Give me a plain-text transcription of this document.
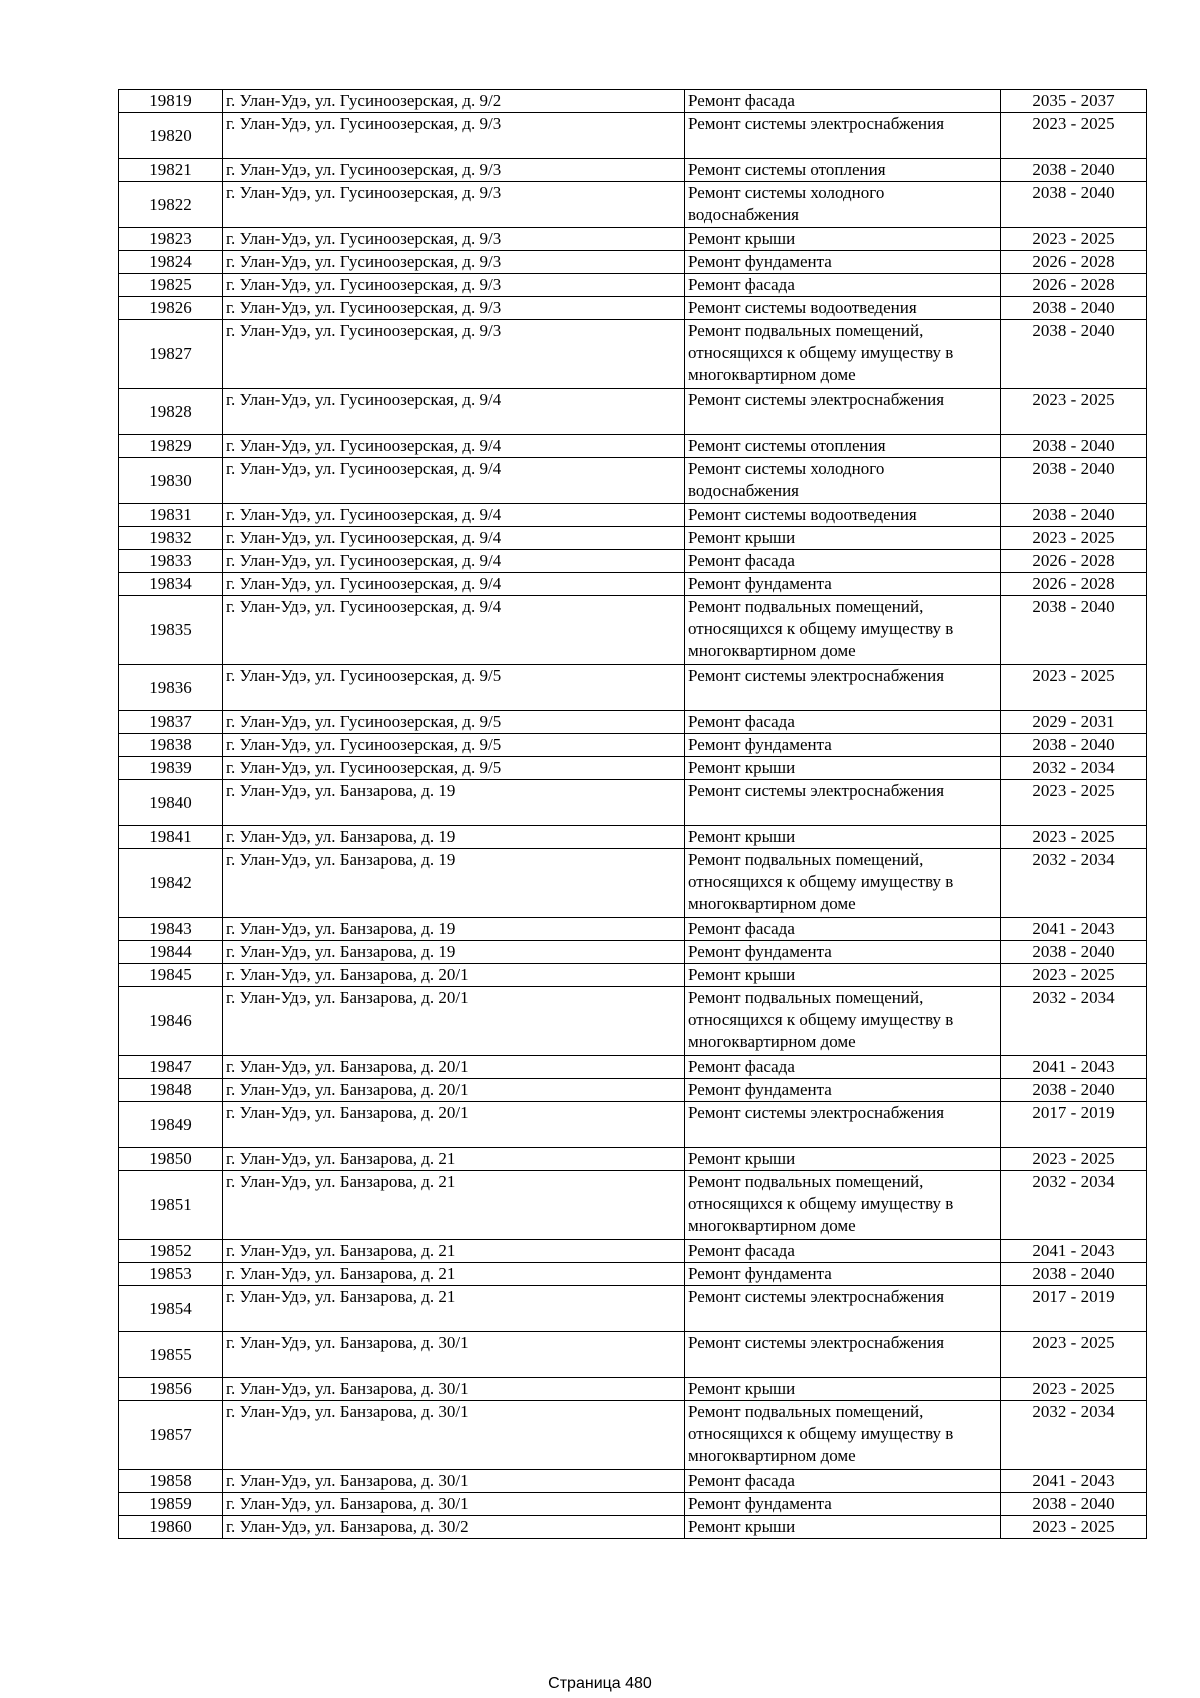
19819	г. Улан-Удэ, ул. Гусиноозерская, д. 9/2	Ремонт фасада	2035 - 2037
19820	г. Улан-Удэ, ул. Гусиноозерская, д. 9/3	Ремонт системы электроснабжения	2023 - 2025
19821	г. Улан-Удэ, ул. Гусиноозерская, д. 9/3	Ремонт системы отопления	2038 - 2040
19822	г. Улан-Удэ, ул. Гусиноозерская, д. 9/3	Ремонт системы холодного водоснабжения	2038 - 2040
19823	г. Улан-Удэ, ул. Гусиноозерская, д. 9/3	Ремонт крыши	2023 - 2025
19824	г. Улан-Удэ, ул. Гусиноозерская, д. 9/3	Ремонт фундамента	2026 - 2028
19825	г. Улан-Удэ, ул. Гусиноозерская, д. 9/3	Ремонт фасада	2026 - 2028
19826	г. Улан-Удэ, ул. Гусиноозерская, д. 9/3	Ремонт системы водоотведения	2038 - 2040
19827	г. Улан-Удэ, ул. Гусиноозерская, д. 9/3	Ремонт подвальных помещений, относящихся к общему имуществу в многоквартирном доме	2038 - 2040
19828	г. Улан-Удэ, ул. Гусиноозерская, д. 9/4	Ремонт системы электроснабжения	2023 - 2025
19829	г. Улан-Удэ, ул. Гусиноозерская, д. 9/4	Ремонт системы отопления	2038 - 2040
19830	г. Улан-Удэ, ул. Гусиноозерская, д. 9/4	Ремонт системы холодного водоснабжения	2038 - 2040
19831	г. Улан-Удэ, ул. Гусиноозерская, д. 9/4	Ремонт системы водоотведения	2038 - 2040
19832	г. Улан-Удэ, ул. Гусиноозерская, д. 9/4	Ремонт крыши	2023 - 2025
19833	г. Улан-Удэ, ул. Гусиноозерская, д. 9/4	Ремонт фасада	2026 - 2028
19834	г. Улан-Удэ, ул. Гусиноозерская, д. 9/4	Ремонт фундамента	2026 - 2028
19835	г. Улан-Удэ, ул. Гусиноозерская, д. 9/4	Ремонт подвальных помещений, относящихся к общему имуществу в многоквартирном доме	2038 - 2040
19836	г. Улан-Удэ, ул. Гусиноозерская, д. 9/5	Ремонт системы электроснабжения	2023 - 2025
19837	г. Улан-Удэ, ул. Гусиноозерская, д. 9/5	Ремонт фасада	2029 - 2031
19838	г. Улан-Удэ, ул. Гусиноозерская, д. 9/5	Ремонт фундамента	2038 - 2040
19839	г. Улан-Удэ, ул. Гусиноозерская, д. 9/5	Ремонт крыши	2032 - 2034
19840	г. Улан-Удэ, ул. Банзарова, д. 19	Ремонт системы электроснабжения	2023 - 2025
19841	г. Улан-Удэ, ул. Банзарова, д. 19	Ремонт крыши	2023 - 2025
19842	г. Улан-Удэ, ул. Банзарова, д. 19	Ремонт подвальных помещений, относящихся к общему имуществу в многоквартирном доме	2032 - 2034
19843	г. Улан-Удэ, ул. Банзарова, д. 19	Ремонт фасада	2041 - 2043
19844	г. Улан-Удэ, ул. Банзарова, д. 19	Ремонт фундамента	2038 - 2040
19845	г. Улан-Удэ, ул. Банзарова, д. 20/1	Ремонт крыши	2023 - 2025
19846	г. Улан-Удэ, ул. Банзарова, д. 20/1	Ремонт подвальных помещений, относящихся к общему имуществу в многоквартирном доме	2032 - 2034
19847	г. Улан-Удэ, ул. Банзарова, д. 20/1	Ремонт фасада	2041 - 2043
19848	г. Улан-Удэ, ул. Банзарова, д. 20/1	Ремонт фундамента	2038 - 2040
19849	г. Улан-Удэ, ул. Банзарова, д. 20/1	Ремонт системы электроснабжения	2017 - 2019
19850	г. Улан-Удэ, ул. Банзарова, д. 21	Ремонт крыши	2023 - 2025
19851	г. Улан-Удэ, ул. Банзарова, д. 21	Ремонт подвальных помещений, относящихся к общему имуществу в многоквартирном доме	2032 - 2034
19852	г. Улан-Удэ, ул. Банзарова, д. 21	Ремонт фасада	2041 - 2043
19853	г. Улан-Удэ, ул. Банзарова, д. 21	Ремонт фундамента	2038 - 2040
19854	г. Улан-Удэ, ул. Банзарова, д. 21	Ремонт системы электроснабжения	2017 - 2019
19855	г. Улан-Удэ, ул. Банзарова, д. 30/1	Ремонт системы электроснабжения	2023 - 2025
19856	г. Улан-Удэ, ул. Банзарова, д. 30/1	Ремонт крыши	2023 - 2025
19857	г. Улан-Удэ, ул. Банзарова, д. 30/1	Ремонт подвальных помещений, относящихся к общему имуществу в многоквартирном доме	2032 - 2034
19858	г. Улан-Удэ, ул. Банзарова, д. 30/1	Ремонт фасада	2041 - 2043
19859	г. Улан-Удэ, ул. Банзарова, д. 30/1	Ремонт фундамента	2038 - 2040
19860	г. Улан-Удэ, ул. Банзарова, д. 30/2	Ремонт крыши	2023 - 2025
Страница 480
